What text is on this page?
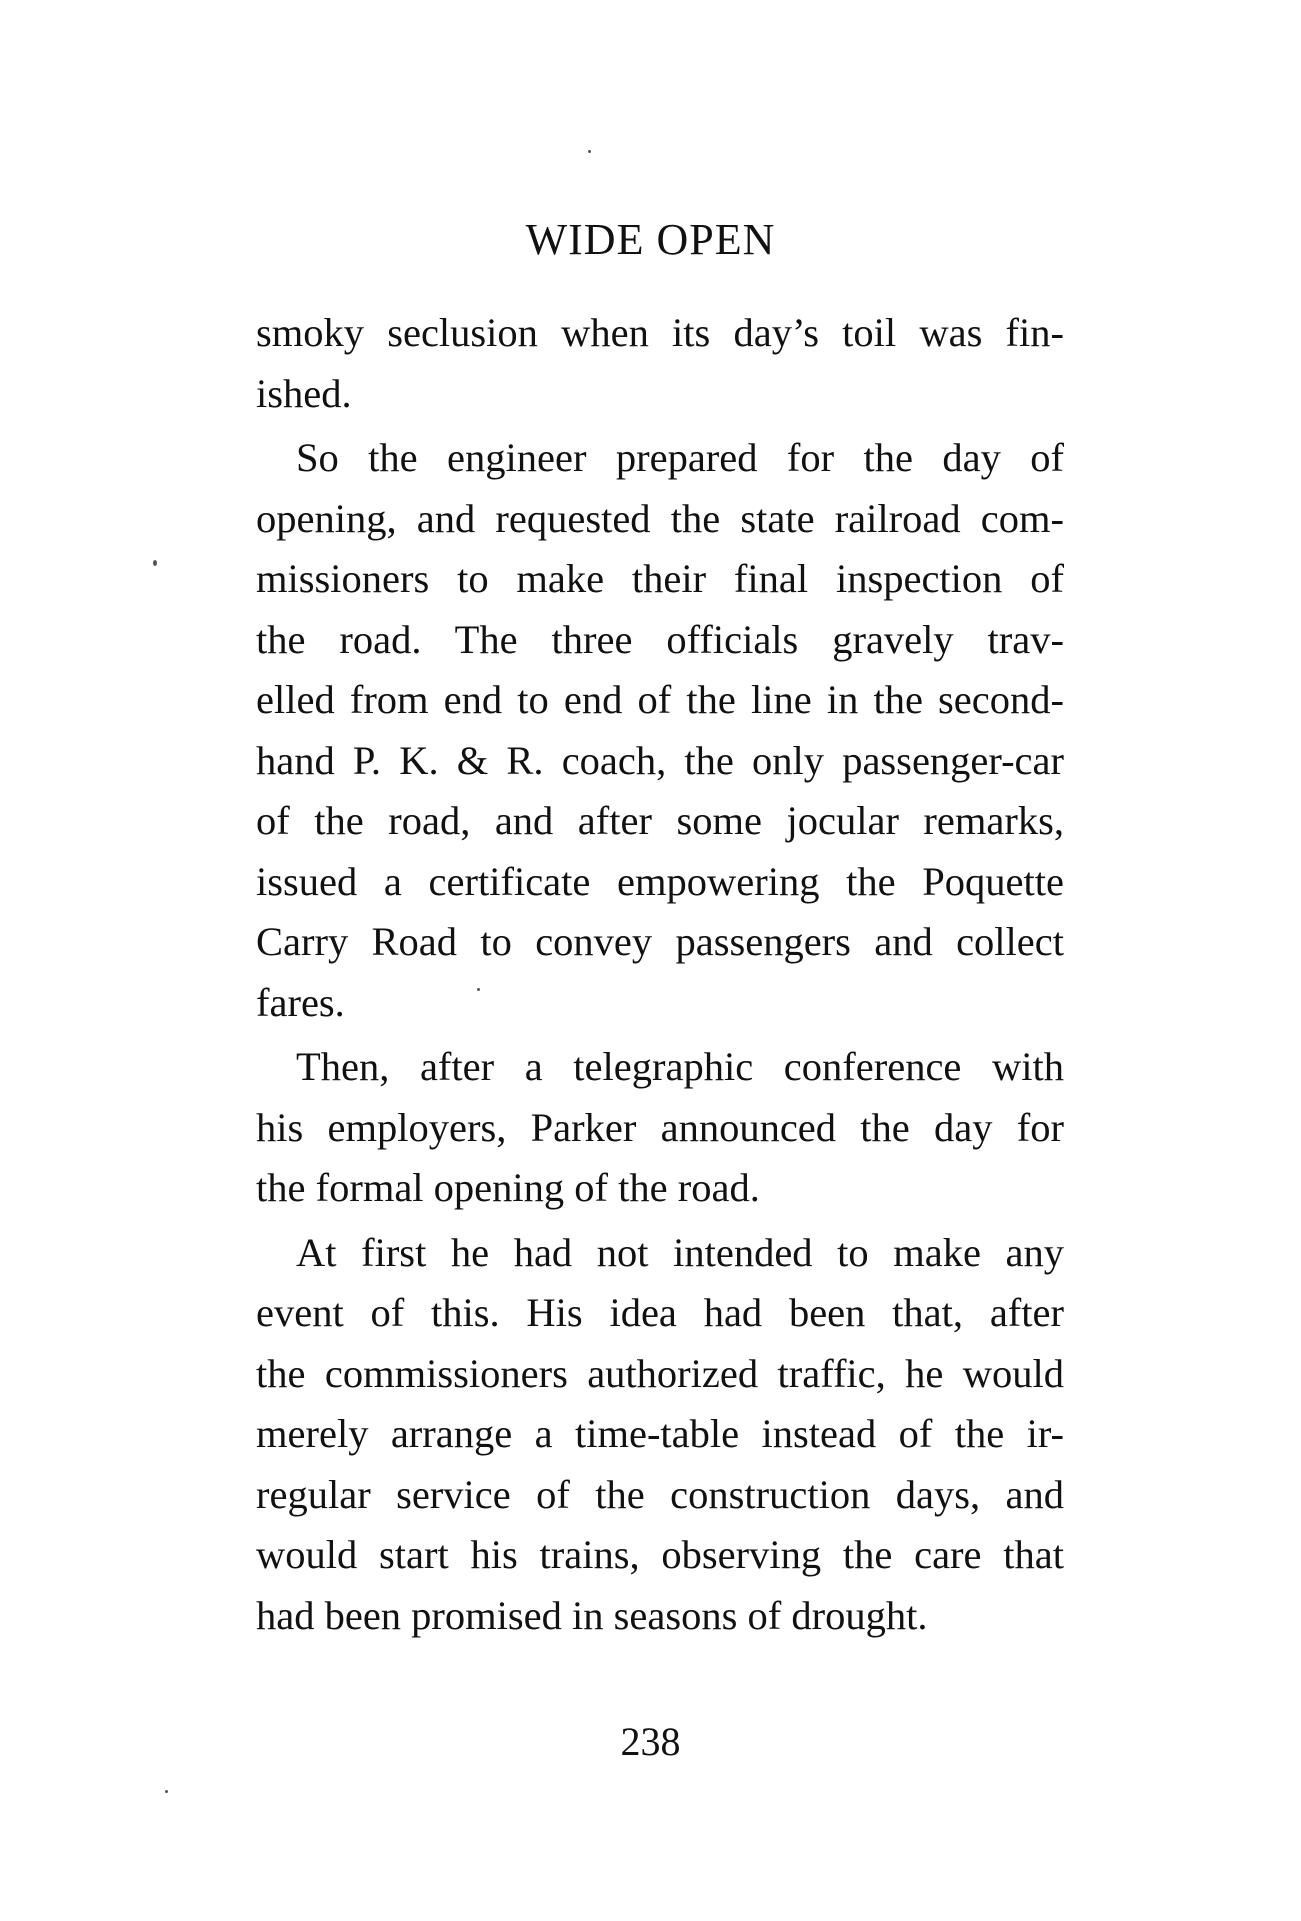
WIDE OPEN
smoky seclusion when its day’s toil was fin-
ished.
So the engineer prepared for the day of
opening, and requested the state railroad com-
missioners to make their final inspection of
the road. The three officials gravely trav-
elled from end to end of the line in the second-
hand P. K. & R. coach, the only passenger-car
of the road, and after some jocular remarks,
issued a certificate empowering the Poquette
Carry Road to convey passengers and collect
fares.
Then, after a telegraphic conference with
his employers, Parker announced the day for
the formal opening of the road.
At first he had not intended to make any
event of this. His idea had been that, after
the commissioners authorized traffic, he would
merely arrange a time-table instead of the ir-
regular service of the construction days, and
would start his trains, observing the care that
had been promised in seasons of drought.
238
